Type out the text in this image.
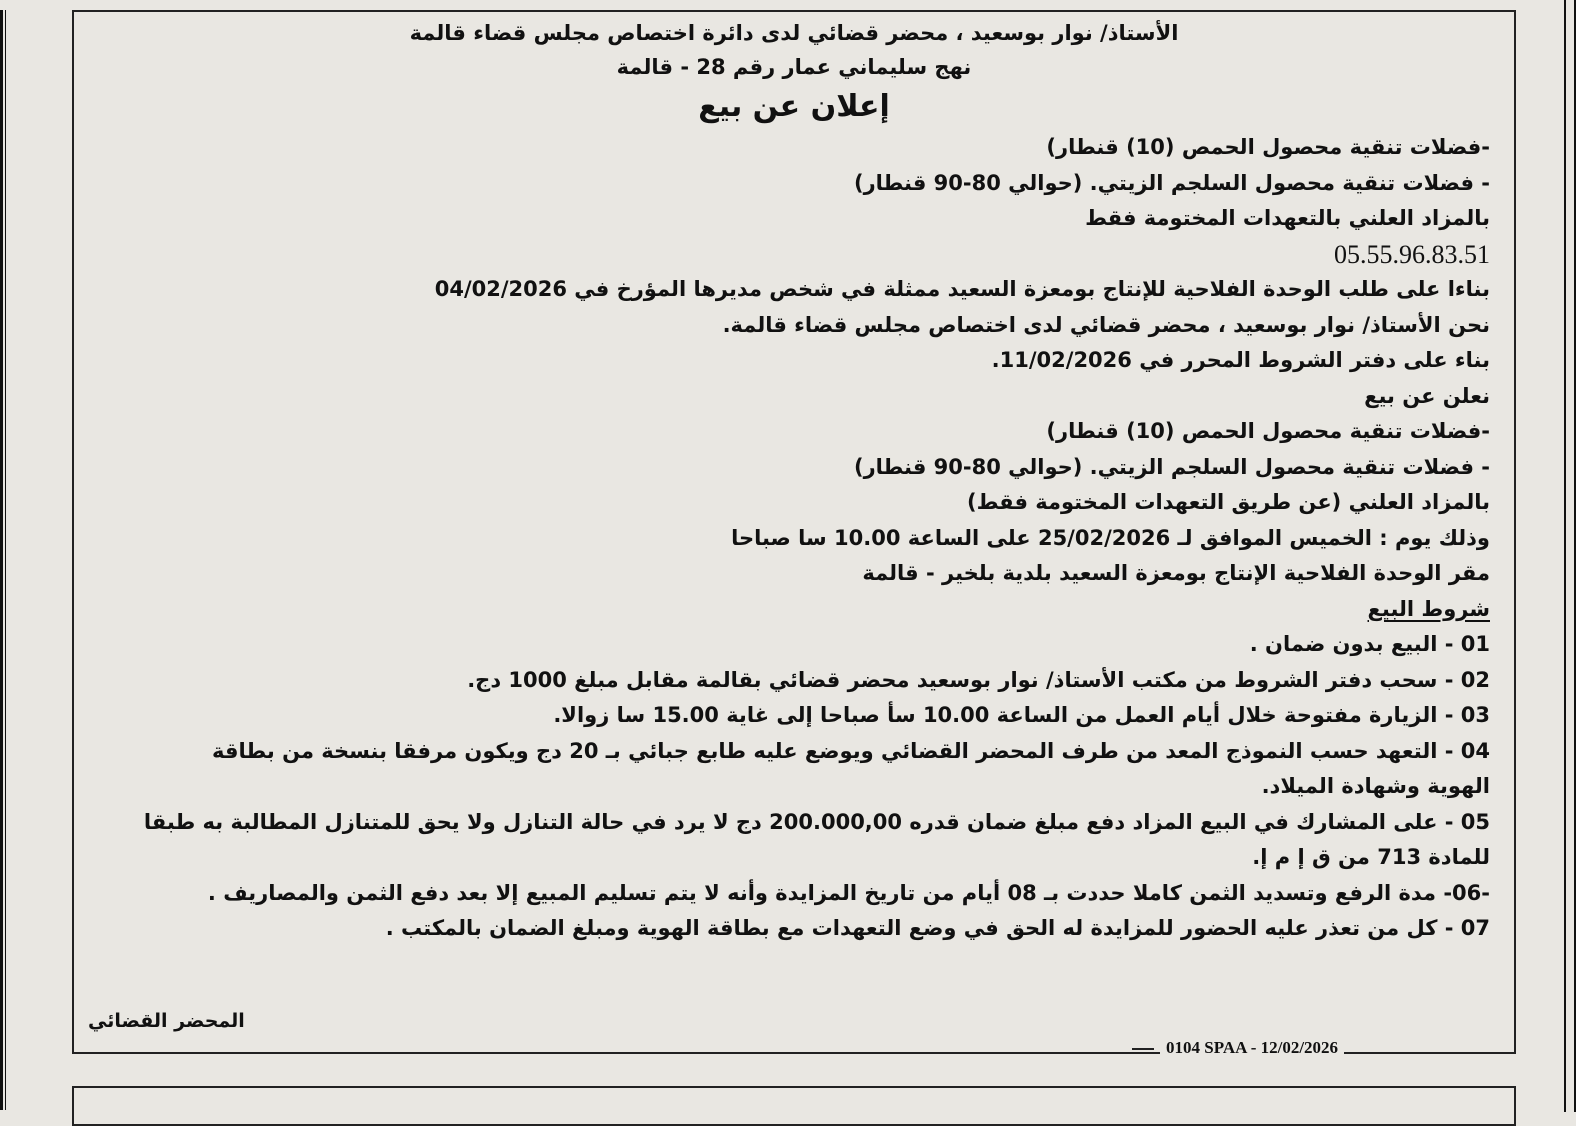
الأستاذ/ نوار بوسعيد ، محضر قضائي لدى دائرة اختصاص مجلس قضاء قالمة
نهج سليماني عمار رقم 28 - قالمة
إعلان عن بيع
-فضلات تنقية محصول الحمص (10) قنطار)
- فضلات تنقية محصول السلجم الزيتي. (حوالي 80-90 قنطار)
بالمزاد العلني بالتعهدات المختومة فقط
05.55.96.83.51
بناءا على طلب الوحدة الفلاحية للإنتاج بومعزة السعيد ممثلة في شخص مديرها المؤرخ في 04/02/2026
نحن الأستاذ/ نوار بوسعيد ، محضر قضائي لدى اختصاص مجلس قضاء قالمة.
بناء على دفتر الشروط المحرر في 11/02/2026.
نعلن عن بيع
-فضلات تنقية محصول الحمص (10) قنطار)
- فضلات تنقية محصول السلجم الزيتي. (حوالي 80-90 قنطار)
بالمزاد العلني (عن طريق التعهدات المختومة فقط)
وذلك يوم : الخميس الموافق لـ 25/02/2026 على الساعة 10.00 سا صباحا
مقر الوحدة الفلاحية الإنتاج بومعزة السعيد بلدية بلخير - قالمة
شروط البيع
01 - البيع بدون ضمان .
02 - سحب دفتر الشروط من مكتب الأستاذ/ نوار بوسعيد محضر قضائي بقالمة مقابل مبلغ 1000 دج.
03 - الزيارة مفتوحة خلال أيام العمل من الساعة 10.00 سأ صباحا إلى غاية 15.00 سا زوالا.
04 - التعهد حسب النموذج المعد من طرف المحضر القضائي ويوضع عليه طابع جبائي بـ 20 دج ويكون مرفقا بنسخة من بطاقة
الهوية وشهادة الميلاد.
05 - على المشارك في البيع المزاد دفع مبلغ ضمان قدره 200.000,00 دج لا يرد في حالة التنازل ولا يحق للمتنازل المطالبة به طبقا
للمادة 713 من ق إ م إ.
-06- مدة الرفع وتسديد الثمن كاملا حددت بـ 08 أيام من تاريخ المزايدة وأنه لا يتم تسليم المبيع إلا بعد دفع الثمن والمصاريف .
07 - كل من تعذر عليه الحضور للمزايدة له الحق في وضع التعهدات مع بطاقة الهوية ومبلغ الضمان بالمكتب .
المحضر القضائي
0104 SPAA - 12/02/2026
